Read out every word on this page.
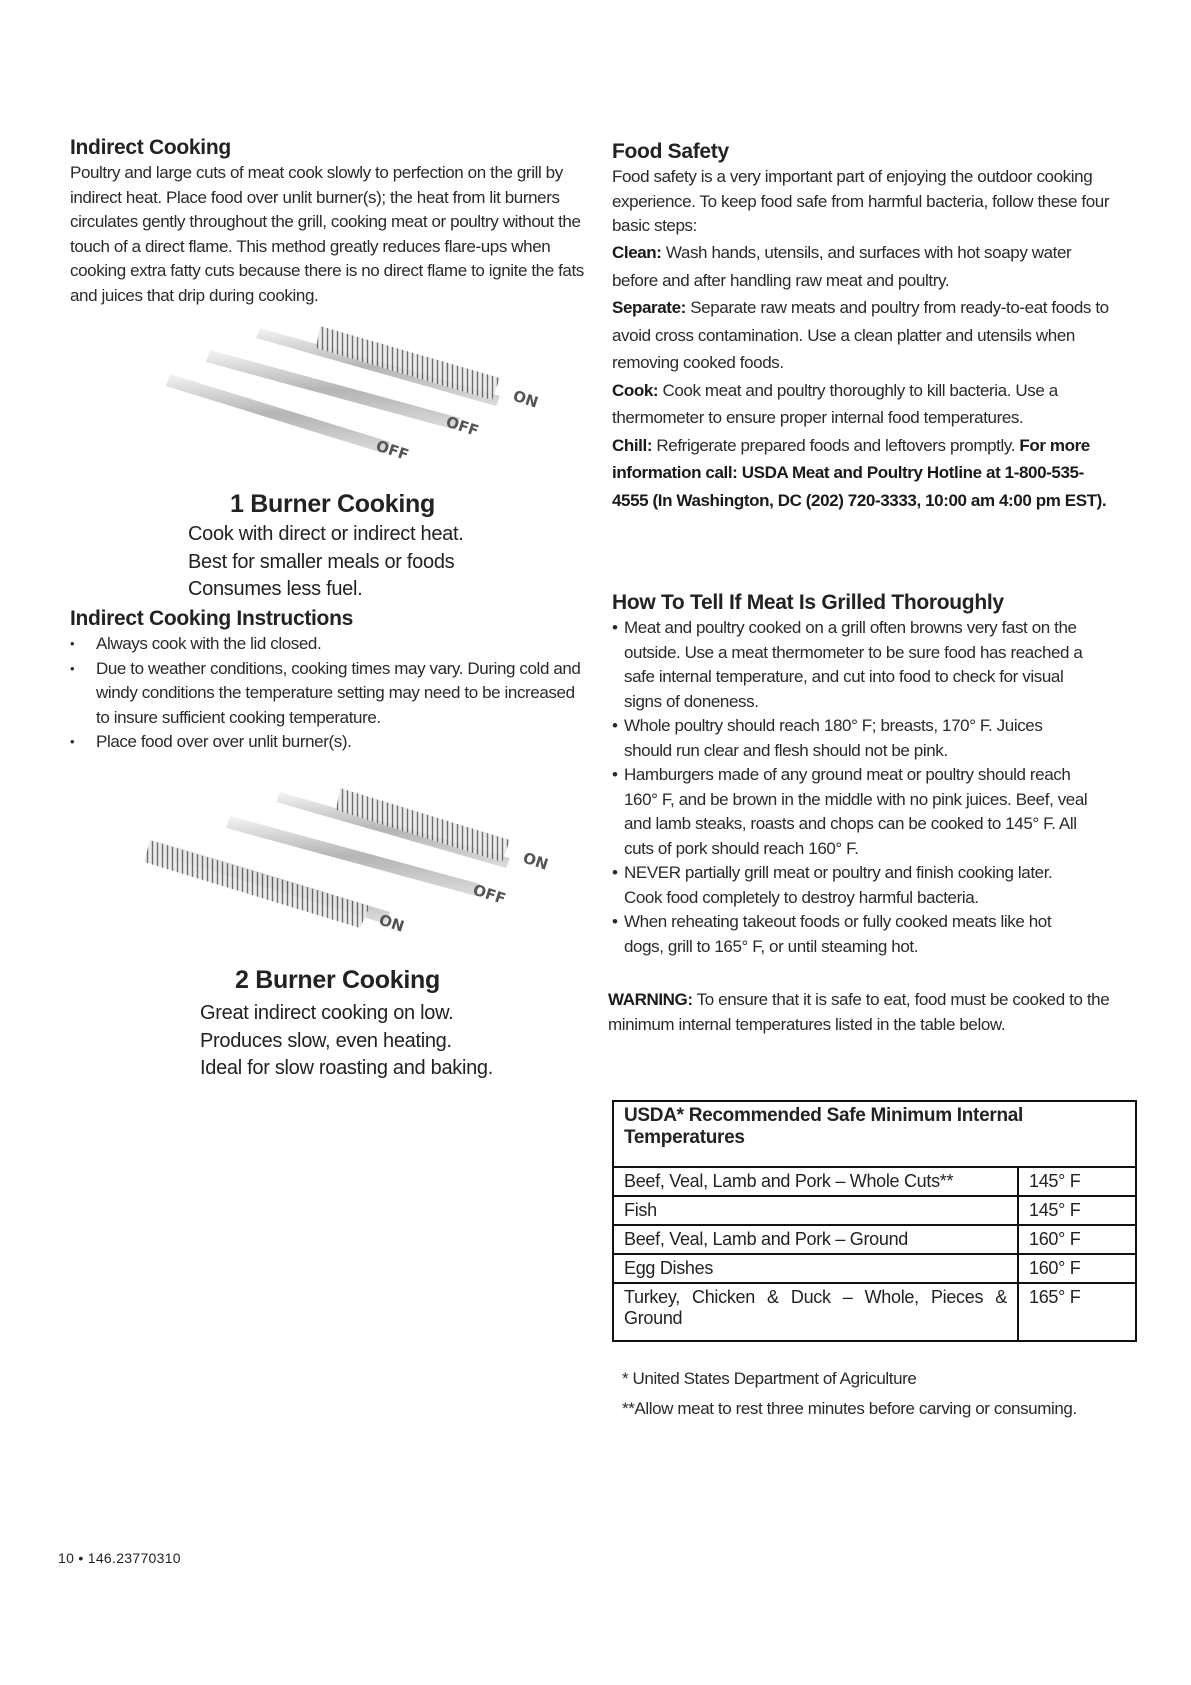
Indirect Cooking
Poultry and large cuts of meat cook slowly to perfection on the grill by indirect heat. Place food over unlit burner(s); the heat from lit burners circulates gently throughout the grill, cooking meat or poultry without the touch of a direct flame. This method greatly reduces flare-ups when cooking extra fatty cuts because there is no direct flame to ignite the fats and juices that drip during cooking.
ON
OFF
OFF
1 Burner Cooking
Cook with direct or indirect heat.
Best for smaller meals or foods
Consumes less fuel.
Indirect Cooking Instructions
• Always cook with the lid closed.
• Due to weather conditions, cooking times may vary. During cold and windy conditions the temperature setting may need to be increased to insure sufficient cooking temperature.
• Place food over over unlit burner(s).
ON
OFF
ON
2 Burner Cooking
Great indirect cooking on low.
Produces slow, even heating.
Ideal for slow roasting and baking.
Food Safety
Food safety is a very important part of enjoying the outdoor cooking experience. To keep food safe from harmful bacteria, follow these four basic steps:
Clean: Wash hands, utensils, and surfaces with hot soapy water before and after handling raw meat and poultry.
Separate: Separate raw meats and poultry from ready-to-eat foods to avoid cross contamination. Use a clean platter and utensils when removing cooked foods.
Cook: Cook meat and poultry thoroughly to kill bacteria. Use a thermometer to ensure proper internal food temperatures.
Chill: Refrigerate prepared foods and leftovers promptly. For more information call: USDA Meat and Poultry Hotline at 1-800-535-4555 (In Washington, DC (202) 720-3333, 10:00 am 4:00 pm EST).
How To Tell If Meat Is Grilled Thoroughly
• Meat and poultry cooked on a grill often browns very fast on the outside. Use a meat thermometer to be sure food has reached a safe internal temperature, and cut into food to check for visual signs of doneness.
• Whole poultry should reach 180° F; breasts, 170° F. Juices should run clear and flesh should not be pink.
• Hamburgers made of any ground meat or poultry should reach 160° F, and be brown in the middle with no pink juices. Beef, veal and lamb steaks, roasts and chops can be cooked to 145° F. All cuts of pork should reach 160° F.
• NEVER partially grill meat or poultry and finish cooking later. Cook food completely to destroy harmful bacteria.
• When reheating takeout foods or fully cooked meats like hot dogs, grill to 165° F, or until steaming hot.
WARNING: To ensure that it is safe to eat, food must be cooked to the minimum internal temperatures listed in the table below.
* United States Department of Agriculture
**Allow meat to rest three minutes before carving or consuming.
USDA* Recommended Safe Minimum Internal Temperatures	
Beef, Veal, Lamb and Pork – Whole Cuts**	145° F
Fish	145° F
Beef, Veal, Lamb and Pork – Ground	160° F
Egg Dishes	160° F
Turkey, Chicken & Duck – Whole, Pieces & Ground	165° F
10 • 146.23770310
